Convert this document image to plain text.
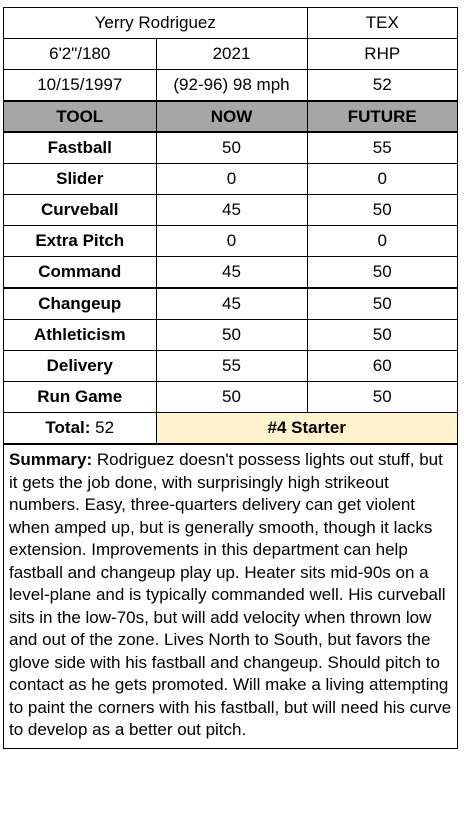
Yerry Rodriguez		TEX
6'2"/180	2021	RHP
10/15/1997	(92-96) 98 mph	52
TOOL	NOW	FUTURE
Fastball	50	55
Slider	0	0
Curveball	45	50
Extra Pitch	0	0
Command	45	50
Changeup	45	50
Athleticism	50	50
Delivery	55	60
Run Game	50	50
Total: 52	#4 Starter	
Summary: Rodriguez doesn't possess lights out stuff, but it gets the job done, with surprisingly high strikeout numbers. Easy, three-quarters delivery can get violent when amped up, but is generally smooth, though it lacks extension. Improvements in this department can help fastball and changeup play up. Heater sits mid-90s on a level-plane and is typically commanded well. His curveball sits in the low-70s, but will add velocity when thrown low and out of the zone. Lives North to South, but favors the glove side with his fastball and changeup. Should pitch to contact as he gets promoted. Will make a living attempting to paint the corners with his fastball, but will need his curve to develop as a better out pitch.
